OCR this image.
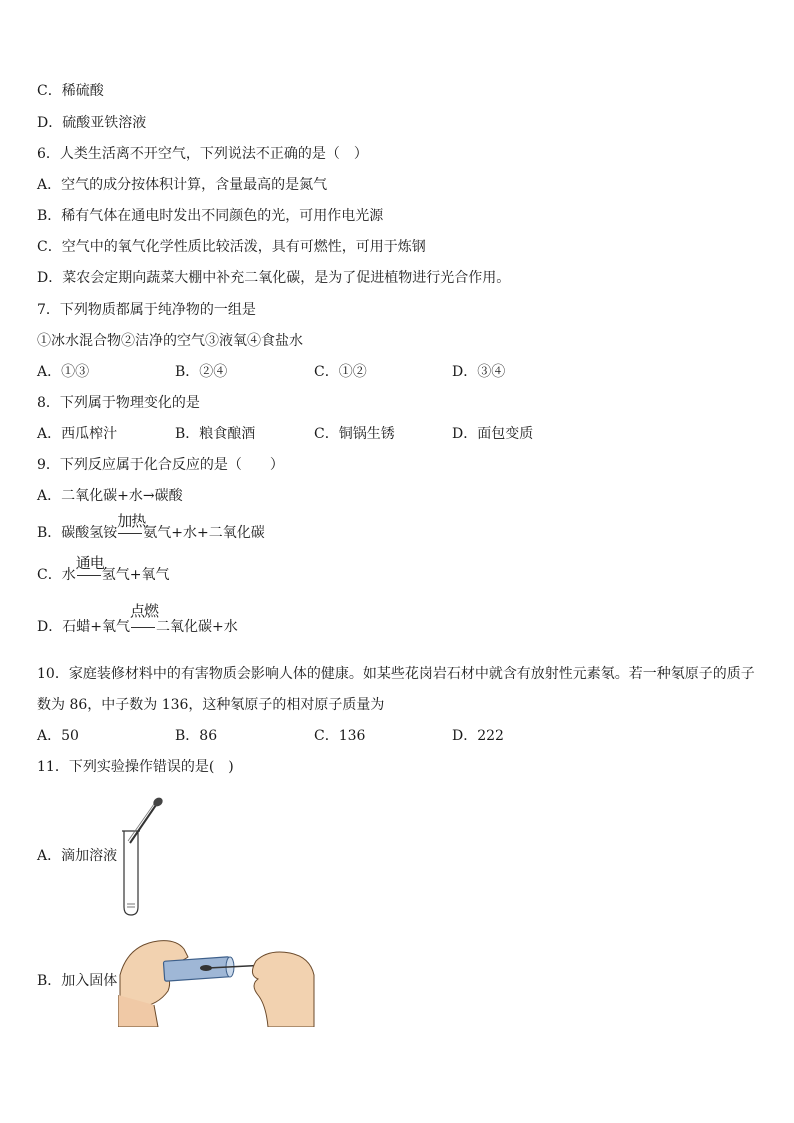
C．稀硫酸
D．硫酸亚铁溶液
6．人类生活离不开空气，下列说法不正确的是（　）
A．空气的成分按体积计算，含量最高的是氮气
B．稀有气体在通电时发出不同颜色的光，可用作电光源
C．空气中的氧气化学性质比较活泼，具有可燃性，可用于炼钢
D．菜农会定期向蔬菜大棚中补充二氧化碳，是为了促进植物进行光合作用。
7．下列物质都属于纯净物的一组是
①冰水混合物②洁净的空气③液氧④食盐水
A．①③	B．②④	C．①②	D．③④
8．下列属于物理变化的是
A．西瓜榨汁	B．粮食酿酒	C．铜锅生锈	D．面包变质
9．下列反应属于化合反应的是（　　）
A．二氧化碳+水→碳酸
B．碳酸氢铵
加热
氨气+水+二氧化碳
C．水
通电
氢气+氧气
D．石蜡+氧气
点燃
二氧化碳+水
10．家庭装修材料中的有害物质会影响人体的健康。如某些花岗岩石材中就含有放射性元素氡。若一种氡原子的质子
数为 86，中子数为 136，这种氡原子的相对原子质量为
A．50	B．86	C．136	D．222
11．下列实验操作错误的是(　)
A．滴加溶液
B．加入固体
